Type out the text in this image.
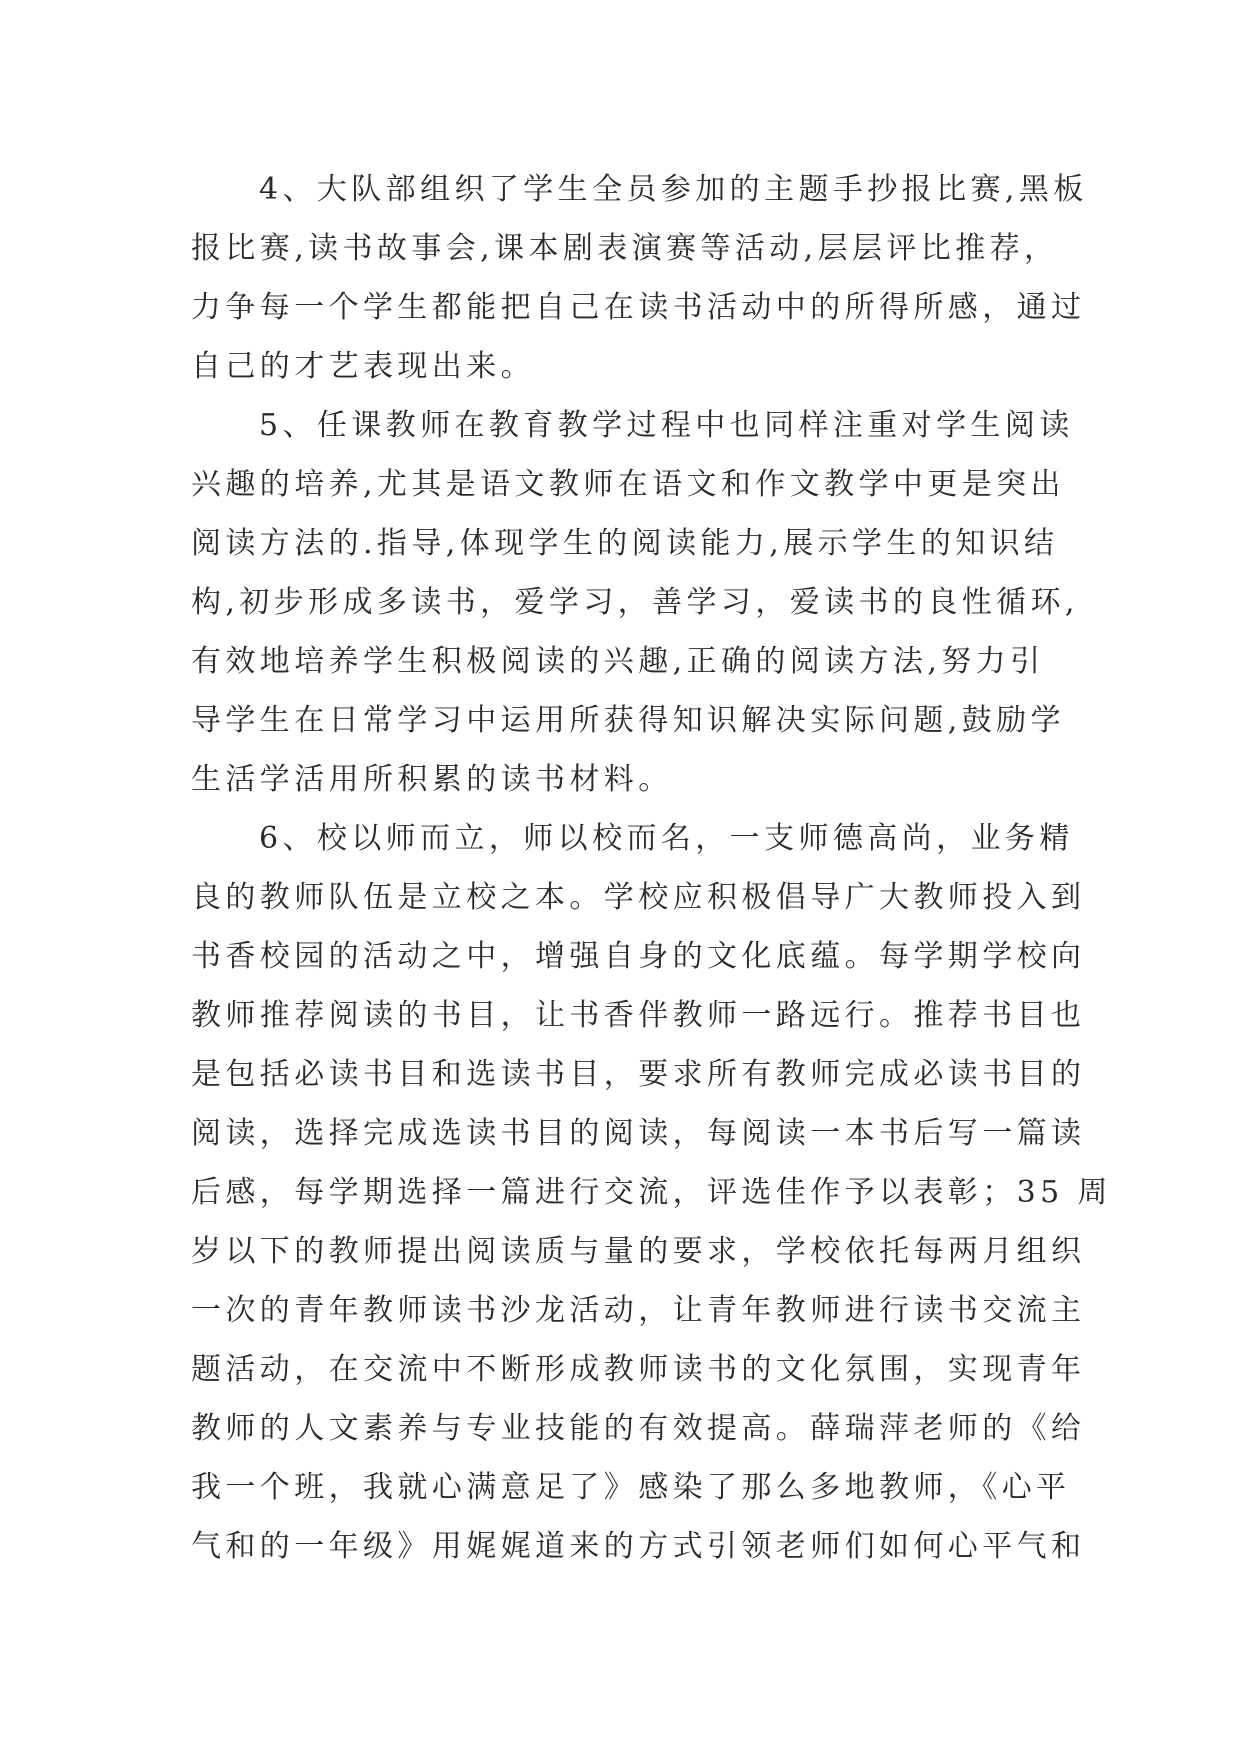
4、大队部组织了学生全员参加的主题手抄报比赛,黑板
报比赛,读书故事会,课本剧表演赛等活动,层层评比推荐，
力争每一个学生都能把自己在读书活动中的所得所感，通过
自己的才艺表现出来。
5、任课教师在教育教学过程中也同样注重对学生阅读
兴趣的培养,尤其是语文教师在语文和作文教学中更是突出
阅读方法的.指导,体现学生的阅读能力,展示学生的知识结
构,初步形成多读书，爱学习，善学习，爱读书的良性循环,
有效地培养学生积极阅读的兴趣,正确的阅读方法,努力引
导学生在日常学习中运用所获得知识解决实际问题,鼓励学
生活学活用所积累的读书材料。
6、校以师而立，师以校而名，一支师德高尚，业务精
良的教师队伍是立校之本。学校应积极倡导广大教师投入到
书香校园的活动之中，增强自身的文化底蕴。每学期学校向
教师推荐阅读的书目，让书香伴教师一路远行。推荐书目也
是包括必读书目和选读书目，要求所有教师完成必读书目的
阅读，选择完成选读书目的阅读，每阅读一本书后写一篇读
后感，每学期选择一篇进行交流，评选佳作予以表彰；35 周
岁以下的教师提出阅读质与量的要求，学校依托每两月组织
一次的青年教师读书沙龙活动，让青年教师进行读书交流主
题活动，在交流中不断形成教师读书的文化氛围，实现青年
教师的人文素养与专业技能的有效提高。薛瑞萍老师的《给
我一个班，我就心满意足了》感染了那么多地教师，《心平
气和的一年级》用娓娓道来的方式引领老师们如何心平气和
